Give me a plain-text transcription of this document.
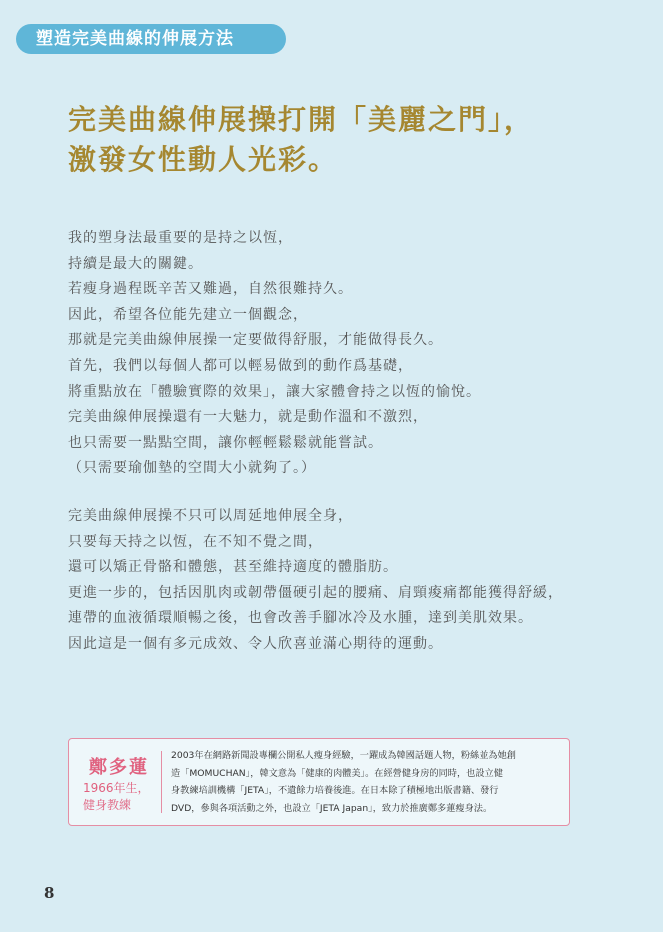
塑造完美曲線的伸展方法
完美曲線伸展操打開「美麗之門」，
激發女性動人光彩。
我的塑身法最重要的是持之以恆，
持續是最大的關鍵。
若瘦身過程既辛苦又難過，自然很難持久。
因此，希望各位能先建立一個觀念，
那就是完美曲線伸展操一定要做得舒服，才能做得長久。
首先，我們以每個人都可以輕易做到的動作爲基礎，
將重點放在「體驗實際的效果」，讓大家體會持之以恆的愉悅。
完美曲線伸展操還有一大魅力，就是動作溫和不激烈，
也只需要一點點空間，讓你輕輕鬆鬆就能嘗試。
（只需要瑜伽墊的空間大小就夠了。）
完美曲線伸展操不只可以周延地伸展全身，
只要每天持之以恆，在不知不覺之間，
還可以矯正骨骼和體態，甚至維持適度的體脂肪。
更進一步的，包括因肌肉或韌帶僵硬引起的腰痛、肩頸痠痛都能獲得舒緩，
連帶的血液循環順暢之後，也會改善手腳冰冷及水腫，達到美肌效果。
因此這是一個有多元成效、令人欣喜並滿心期待的運動。
鄭多蓮
1966年生，
健身教練
2003年在網路新聞設專欄公開私人瘦身經驗，一躍成為韓國話題人物，粉絲並為她創
造「MOMUCHAN」，韓文意為「健康的肉體美」。在經營健身房的同時，也設立健
身教練培訓機構「JETA」，不遺餘力培養後進。在日本除了積極地出版書籍、發行
DVD，參與各項活動之外，也設立「JETA Japan」，致力於推廣鄭多蓮瘦身法。
8
